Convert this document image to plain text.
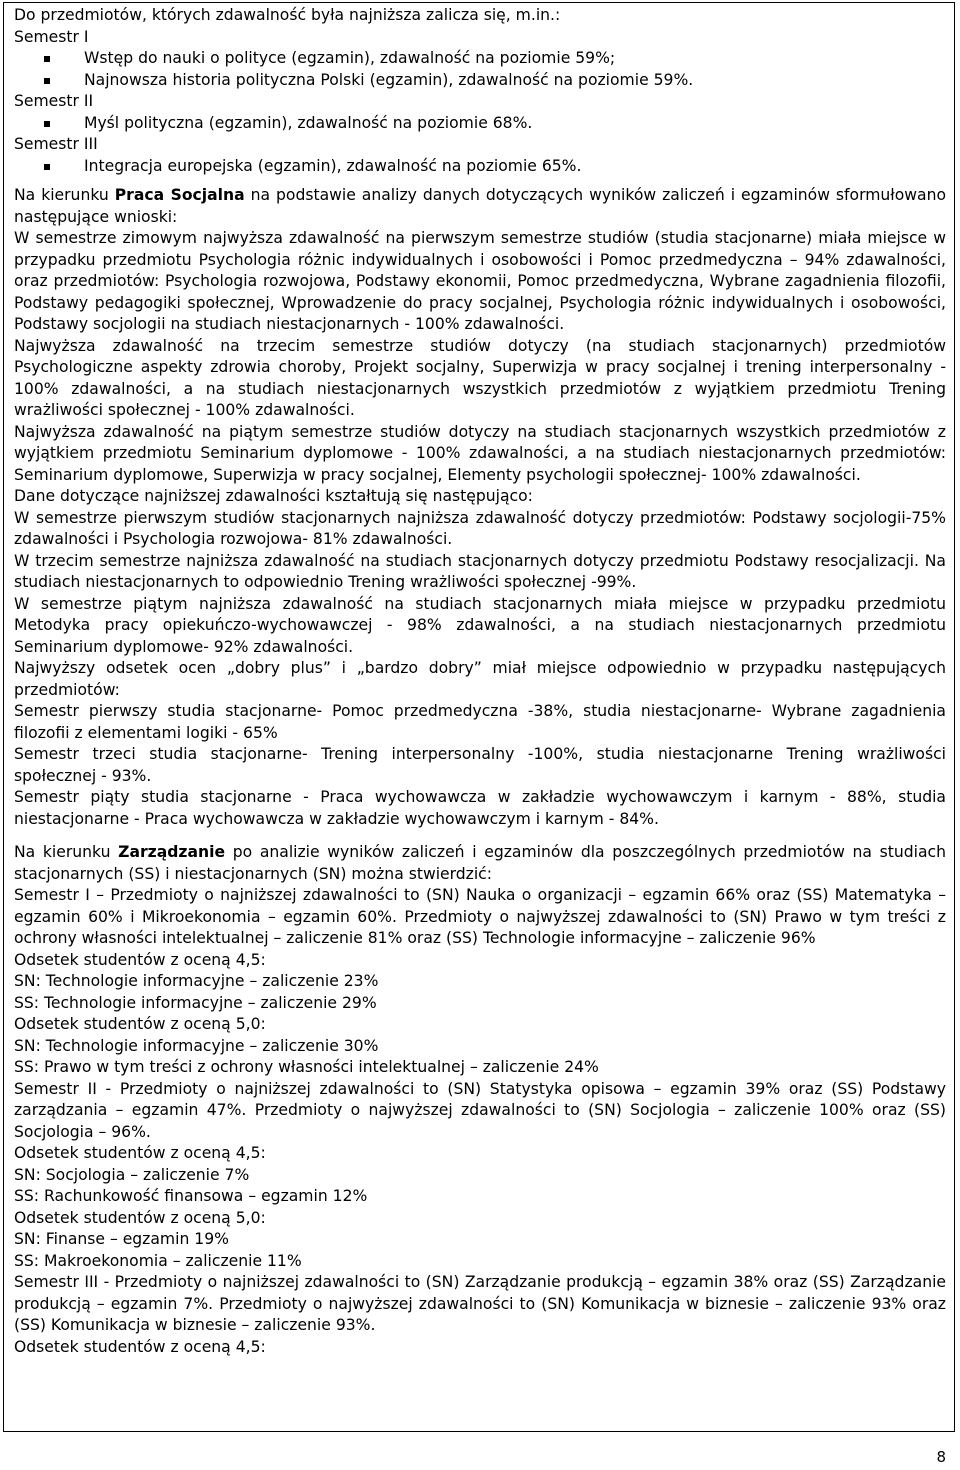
Do przedmiotów, których zdawalność była najniższa zalicza się, m.in.:

Semestr I

Wstęp do nauki o polityce (egzamin), zdawalność na poziomie 59%;
Najnowsza historia polityczna Polski (egzamin), zdawalność na poziomie 59%.

Semestr II

Myśl polityczna (egzamin), zdawalność na poziomie 68%.

Semestr III

Integracja europejska (egzamin), zdawalność na poziomie 65%.

Na kierunku Praca Socjalna na podstawie analizy danych dotyczących wyników zaliczeń i egzaminów sformułowano następujące wnioski:

W semestrze zimowym najwyższa zdawalność na pierwszym semestrze studiów (studia stacjonarne) miała miejsce w przypadku przedmiotu Psychologia różnic indywidualnych i osobowości i Pomoc przedmedyczna – 94% zdawalności, oraz przedmiotów: Psychologia rozwojowa, Podstawy ekonomii, Pomoc przedmedyczna, Wybrane zagadnienia filozofii, Podstawy pedagogiki społecznej, Wprowadzenie do pracy socjalnej, Psychologia różnic indywidualnych i osobowości, Podstawy socjologii na studiach niestacjonarnych - 100% zdawalności.

Najwyższa zdawalność na trzecim semestrze studiów dotyczy (na studiach stacjonarnych) przedmiotów Psychologiczne aspekty zdrowia choroby, Projekt socjalny, Superwizja w pracy socjalnej i trening interpersonalny - 100% zdawalności, a na studiach niestacjonarnych wszystkich przedmiotów z wyjątkiem przedmiotu Trening wrażliwości społecznej - 100% zdawalności.

Najwyższa zdawalność na piątym semestrze studiów dotyczy na studiach stacjonarnych wszystkich przedmiotów z wyjątkiem przedmiotu Seminarium dyplomowe - 100% zdawalności, a na studiach niestacjonarnych przedmiotów: Seminarium dyplomowe, Superwizja w pracy socjalnej, Elementy psychologii społecznej- 100% zdawalności.

Dane dotyczące najniższej zdawalności kształtują się następująco:

W semestrze pierwszym studiów stacjonarnych najniższa zdawalność dotyczy przedmiotów: Podstawy socjologii-75% zdawalności i Psychologia rozwojowa- 81% zdawalności.

W trzecim semestrze najniższa zdawalność na studiach stacjonarnych dotyczy przedmiotu Podstawy resocjalizacji. Na studiach niestacjonarnych to odpowiednio Trening wrażliwości społecznej -99%.

W semestrze piątym najniższa zdawalność na studiach stacjonarnych miała miejsce w przypadku przedmiotu Metodyka pracy opiekuńczo-wychowawczej - 98% zdawalności, a na studiach niestacjonarnych przedmiotu Seminarium dyplomowe- 92% zdawalności.

Najwyższy odsetek ocen „dobry plus” i „bardzo dobry” miał miejsce odpowiednio w przypadku następujących przedmiotów:

Semestr pierwszy studia stacjonarne- Pomoc przedmedyczna -38%, studia niestacjonarne- Wybrane zagadnienia filozofii z elementami logiki - 65%

Semestr trzeci studia stacjonarne- Trening interpersonalny -100%, studia niestacjonarne Trening wrażliwości społecznej - 93%.

Semestr piąty studia stacjonarne - Praca wychowawcza w zakładzie wychowawczym i karnym - 88%, studia niestacjonarne - Praca wychowawcza w zakładzie wychowawczym i karnym - 84%.

Na kierunku Zarządzanie po analizie wyników zaliczeń i egzaminów dla poszczególnych przedmiotów na studiach stacjonarnych (SS) i niestacjonarnych (SN) można stwierdzić:

Semestr I – Przedmioty o najniższej zdawalności to (SN) Nauka o organizacji – egzamin 66% oraz (SS) Matematyka – egzamin 60% i Mikroekonomia – egzamin 60%. Przedmioty o najwyższej zdawalności to (SN) Prawo w tym treści z ochrony własności intelektualnej – zaliczenie 81% oraz (SS) Technologie informacyjne – zaliczenie 96%

Odsetek studentów z oceną 4,5:

SN: Technologie informacyjne – zaliczenie 23%

SS: Technologie informacyjne – zaliczenie 29%

Odsetek studentów z oceną 5,0:

SN: Technologie informacyjne – zaliczenie 30%

SS: Prawo w tym treści z ochrony własności intelektualnej – zaliczenie 24%

Semestr II - Przedmioty o najniższej zdawalności to (SN) Statystyka opisowa – egzamin 39% oraz (SS) Podstawy zarządzania – egzamin 47%. Przedmioty o najwyższej zdawalności to (SN) Socjologia – zaliczenie 100% oraz (SS) Socjologia – 96%.

Odsetek studentów z oceną 4,5:

SN: Socjologia – zaliczenie 7%

SS: Rachunkowość finansowa – egzamin 12%

Odsetek studentów z oceną 5,0:

SN: Finanse – egzamin 19%

SS: Makroekonomia – zaliczenie 11%

Semestr III - Przedmioty o najniższej zdawalności to (SN) Zarządzanie produkcją – egzamin 38% oraz (SS) Zarządzanie produkcją – egzamin 7%. Przedmioty o najwyższej zdawalności to (SN) Komunikacja w biznesie – zaliczenie 93% oraz (SS) Komunikacja w biznesie – zaliczenie 93%.

Odsetek studentów z oceną 4,5:

8
